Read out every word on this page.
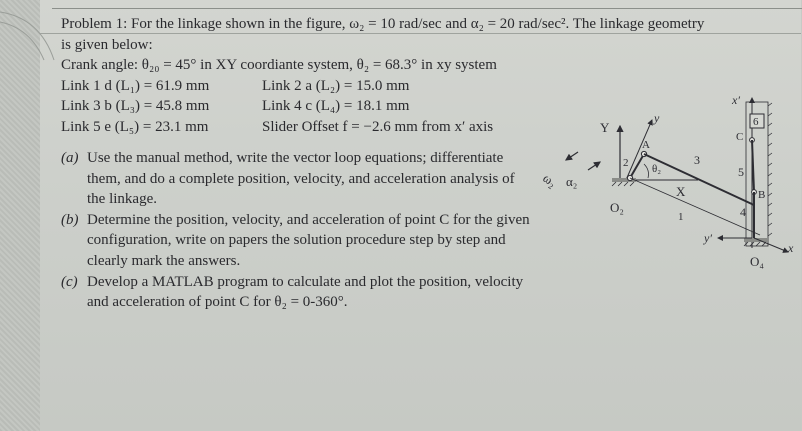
Problem 1: For the linkage shown in the figure, ω₂ = 10 rad/sec and α₂ = 20 rad/sec². The linkage geometry
is given below:
Crank angle: θ₂₀ = 45° in XY coordiante system, θ₂ = 68.3° in xy system
Link 1 d (L₁) = 61.9 mm	Link 2 a (L₂) = 15.0 mm
Link 3 b (L₃) = 45.8 mm	Link 4 c (L₄) = 18.1 mm
Link 5 e (L₅) = 23.1 mm	Slider Offset f = −2.6 mm from x′ axis
(a) Use the manual method, write the vector loop equations; differentiate them, and do a complete position, velocity, and acceleration analysis of the linkage.
(b) Determine the position, velocity, and acceleration of point C for the given configuration, write on papers the solution procedure step by step and clearly mark the answers.
(c) Develop a MATLAB program to calculate and plot the position, velocity and acceleration of point C for θ₂ = 0-360°.
ω₂ α₂
Y
X
y
O₂
A
2 θ₂
3
1
x′
6
C
5
B
4
O₄
y′
x
